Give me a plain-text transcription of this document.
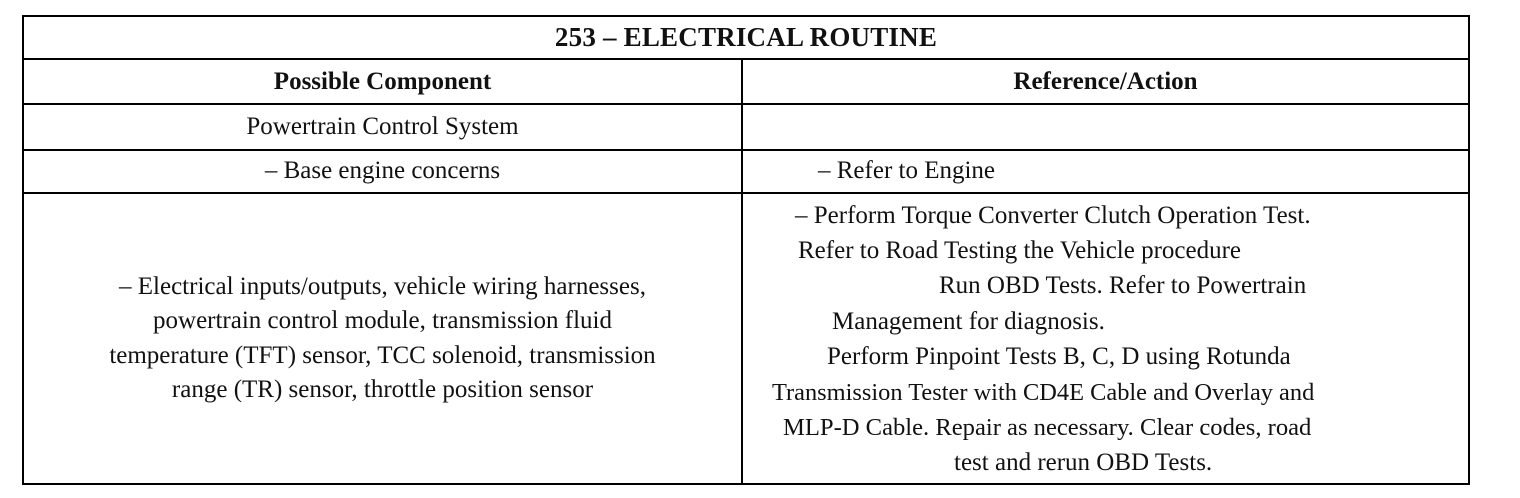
253 – ELECTRICAL ROUTINE
Possible Component	Reference/Action
Powertrain Control System
– Base engine concerns	– Refer to Engine
– Electrical inputs/outputs, vehicle wiring harnesses,
powertrain control module, transmission fluid
temperature (TFT) sensor, TCC solenoid, transmission
range (TR) sensor, throttle position sensor
– Perform Torque Converter Clutch Operation Test.
Refer to Road Testing the Vehicle procedure
Run OBD Tests. Refer to Powertrain
Management for diagnosis.
Perform Pinpoint Tests B, C, D using Rotunda
Transmission Tester with CD4E Cable and Overlay and
MLP-D Cable. Repair as necessary. Clear codes, road
test and rerun OBD Tests.
